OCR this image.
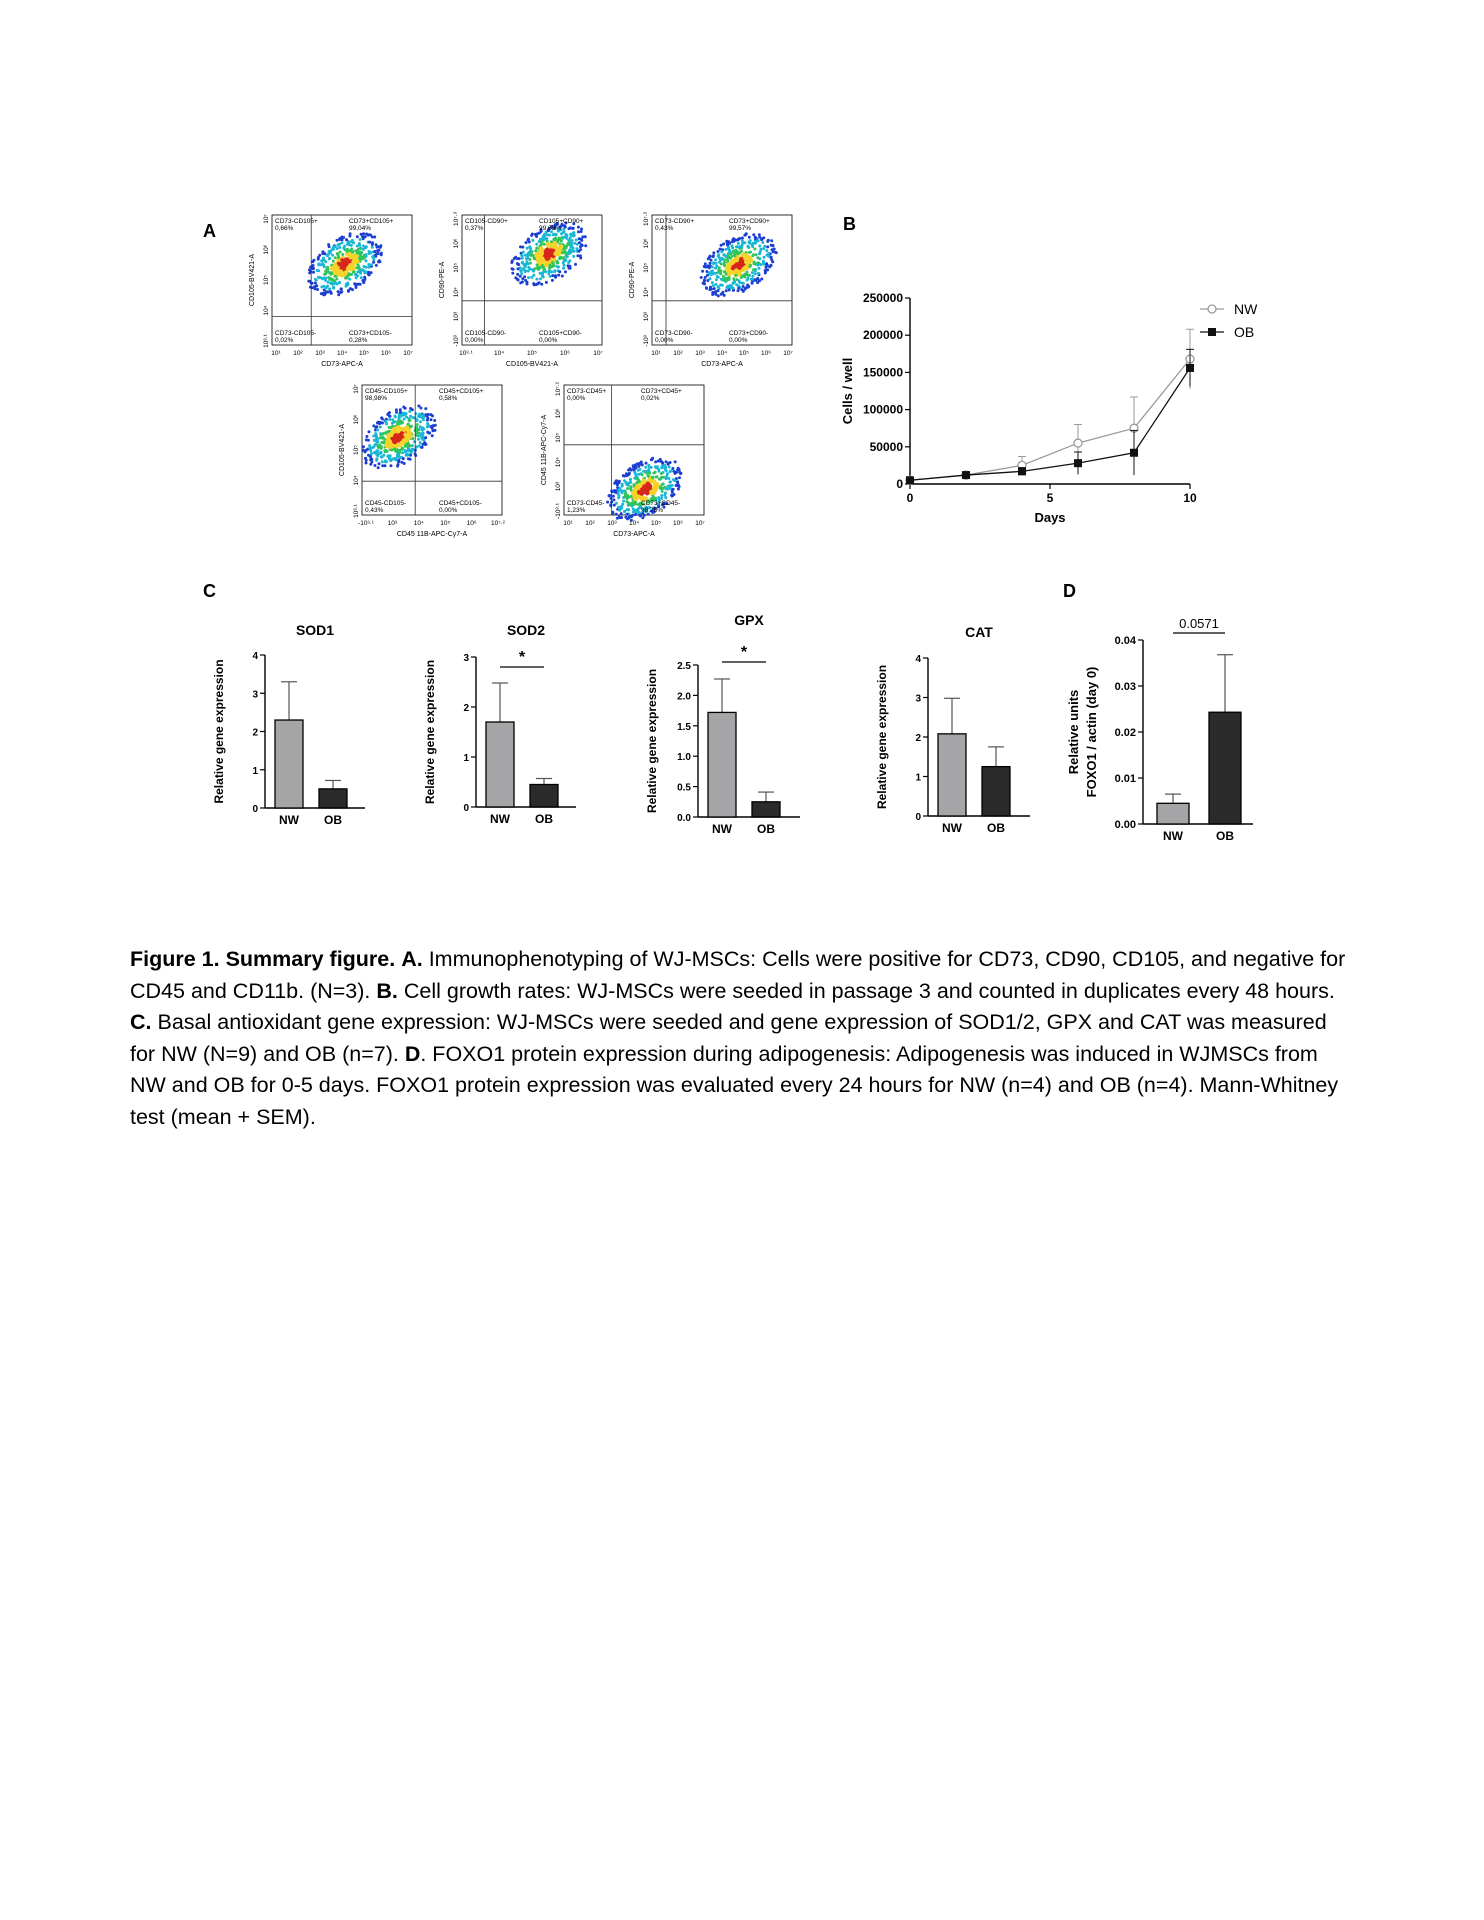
A	B
C	D
CD73-CD105+
0,66%
CD73+CD105+
99,04%
CD73-CD105-
0,02%
CD73+CD105-
0,28%
10¹ 10² 10³ 10⁴ 10⁵ 10⁶ 10⁷
10³·¹
10⁴
10⁵
10⁶
10⁷
CD73-APC-A
CD105-BV421-A
CD105-CD90+
0,37%
CD105+CD90+
99,63%
CD105-CD90-
0,00%
CD105+CD90-
0,00%
10³·¹	10⁴	10⁵	10⁶	10⁷
-10³
10³
10⁴
10⁵
10⁶
10⁷·³
CD105-BV421-A
CD90-PE-A
CD73-CD90+
0,43%
CD73+CD90+
99,57%
CD73-CD90-
0,00%
CD73+CD90-
0,00%
10¹ 10² 10³ 10⁴ 10⁵ 10⁶ 10⁷
-10³
10³
10⁴
10⁵
10⁶
10⁷·³
CD73-APC-A
CD90-PE-A
CD45-CD105+
98,98%
CD45+CD105+
0,58%
CD45-CD105-
0,43%
CD45+CD105-
0,00%
-10³·¹ 10³	10⁴	10⁵	10⁶ 10⁷·²
10³·¹
10⁴
10⁵
10⁶
10⁷
CD45 11B-APC-Cy7-A
CD105-BV421-A
CD73-CD45+
0,00%
CD73+CD45+
0,02%
CD73-CD45-
1,23%
CD73+CD45-
98,75%
10¹ 10² 10³ 10⁴ 10⁵ 10⁶ 10⁷
-10³·¹
10³
10⁴
10⁵
10⁶
10⁷·²
CD73-APC-A
CD45 11B-APC-Cy7-A	0
50000
100000
150000
200000
250000
0	5	10
Days
Cells / well
NW
OB
SOD1
0
1
2
3
4
Relative gene expression
NW OB
SOD2
0
1
2
3
Relative gene expression
NW OB
*
GPX
0.0
0.5
1.0
1.5
2.0
2.5
Relative gene expression
NW OB
*
CAT
0
1
2
3
4
Relative gene expression
NW OB	0.00
0.01
0.02
0.03
0.04
Relative units FOXO1 / actin (day 0)
NW	OB
0.0571
Figure 1. Summary figure. A. Immunophenotyping of WJ-MSCs: Cells were positive for CD73, CD90, CD105, and negative for CD45 and CD11b. (N=3). B. Cell growth rates: WJ-MSCs were seeded in passage 3 and counted in duplicates every 48 hours. C. Basal antioxidant gene expression: WJ-MSCs were seeded and gene expression of SOD1/2, GPX and CAT was measured for NW (N=9) and OB (n=7). D. FOXO1 protein expression during adipogenesis: Adipogenesis was induced in WJMSCs from NW and OB for 0-5 days. FOXO1 protein expression was evaluated every 24 hours for NW (n=4) and OB (n=4). Mann-Whitney test (mean + SEM).
